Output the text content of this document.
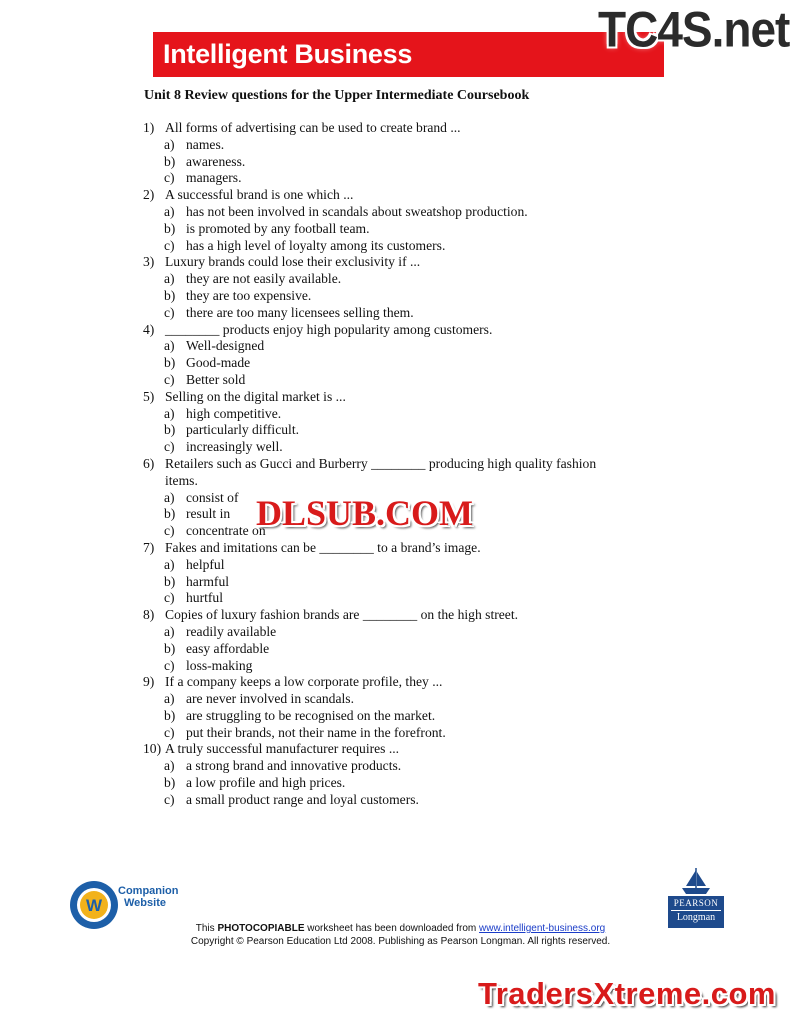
Intelligent Business	TC4S.net
Unit 8 Review questions for the Upper Intermediate Coursebook
1) All forms of advertising can be used to create brand ...
a) names.
b) awareness.
c) managers.
2) A successful brand is one which ...
a) has not been involved in scandals about sweatshop production.
b) is promoted by any football team.
c) has a high level of loyalty among its customers.
3) Luxury brands could lose their exclusivity if ...
a) they are not easily available.
b) they are too expensive.
c) there are too many licensees selling them.
4) ________ products enjoy high popularity among customers.
a) Well-designed
b) Good-made
c) Better sold
5) Selling on the digital market is ...
a) high competitive.
b) particularly difficult.
c) increasingly well.
6) Retailers such as Gucci and Burberry ________ producing high quality fashion
items.
a) consist of
b) result in
c) concentrate on
7) Fakes and imitations can be ________ to a brand’s image.
a) helpful
b) harmful
c) hurtful
8) Copies of luxury fashion brands are ________ on the high street.
a) readily available
b) easy affordable
c) loss-making
9) If a company keeps a low corporate profile, they ...
a) are never involved in scandals.
b) are struggling to be recognised on the market.
c) put their brands, not their name in the forefront.
10) A truly successful manufacturer requires ...
a) a strong brand and innovative products.
b) a low profile and high prices.
c) a small product range and loyal customers.
DLSUB.COM
W
Companion
Website	PEARSON
Longman
This PHOTOCOPIABLE worksheet has been downloaded from www.intelligent-business.org
Copyright © Pearson Education Ltd 2008. Publishing as Pearson Longman. All rights reserved.
TradersXtreme.com
